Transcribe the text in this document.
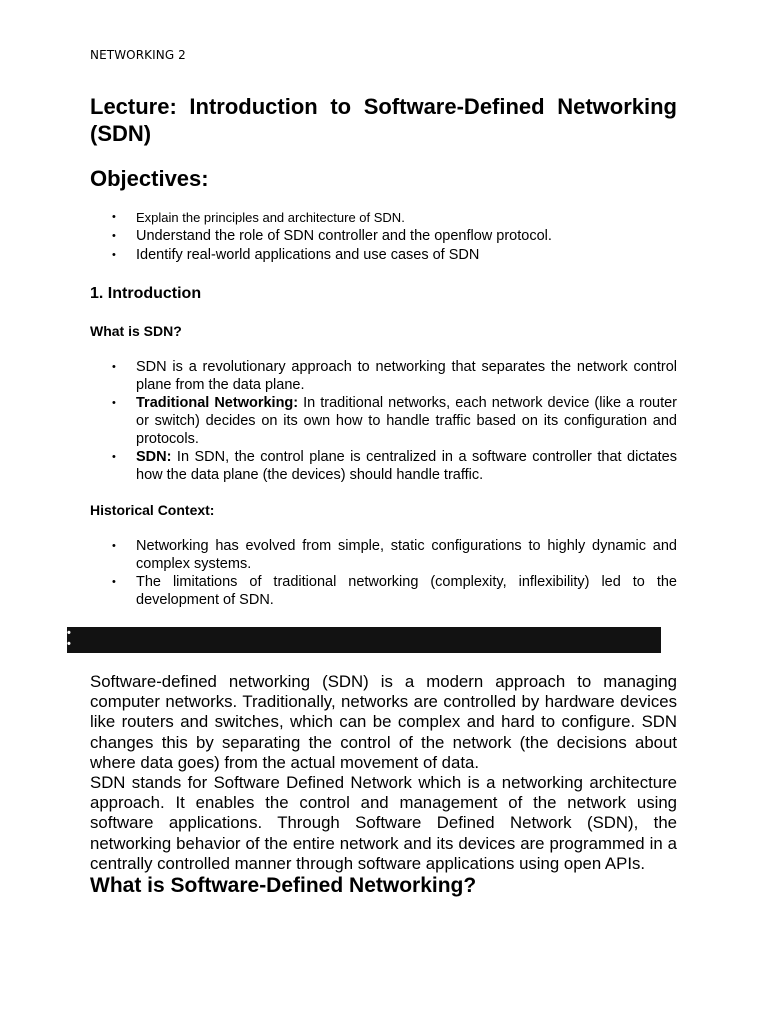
NETWORKING 2
Lecture: Introduction to Software-Defined Networking (SDN)
Objectives:
• Explain the principles and architecture of SDN.
• Understand the role of SDN controller and the openflow protocol.
• Identify real-world applications and use cases of SDN
1. Introduction
What is SDN?
• SDN is a revolutionary approach to networking that separates the network control plane from the data plane.
• Traditional Networking: In traditional networks, each network device (like a router or switch) decides on its own how to handle traffic based on its configuration and protocols.
• SDN: In SDN, the control plane is centralized in a software controller that dictates how the data plane (the devices) should handle traffic.
Historical Context:
• Networking has evolved from simple, static configurations to highly dynamic and complex systems.
• The limitations of traditional networking (complexity, inflexibility) led to the development of SDN.
•
•

Software-defined networking (SDN) is a modern approach to managing computer networks. Traditionally, networks are controlled by hardware devices like routers and switches, which can be complex and hard to configure. SDN changes this by separating the control of the network (the decisions about where data goes) from the actual movement of data.

SDN stands for Software Defined Network which is a networking architecture approach. It enables the control and management of the network using software applications. Through Software Defined Network (SDN), the networking behavior of the entire network and its devices are programmed in a centrally controlled manner through software applications using open APIs.

What is Software-Defined Networking?
